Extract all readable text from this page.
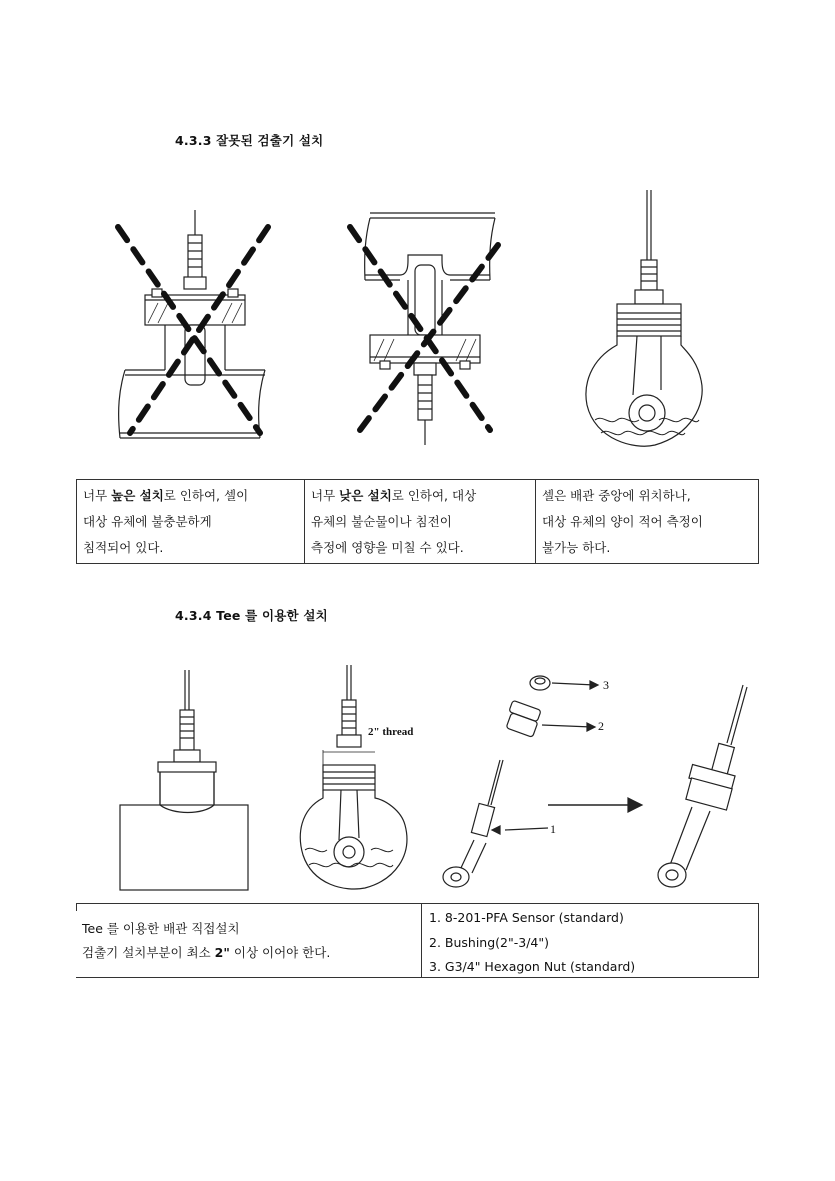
4.3.3 잘못된 검출기 설치
너무 높은 설치로 인하여, 셀이
대상 유체에 불충분하게
침적되어 있다.

너무 낮은 설치로 인하여, 대상
유체의 불순물이나 침전이
측정에 영향을 미칠 수 있다.

셀은 배관 중앙에 위치하나,
대상 유체의 양이 적어 측정이
불가능 하다.
4.3.4 Tee 를 이용한 설치
2" thread
3
2
1
Tee 를 이용한 배관 직접설치
검출기 설치부분이 최소 2" 이상 이어야 한다.
1. 8-201-PFA Sensor (standard)
2. Bushing(2"-3/4")
3. G3/4" Hexagon Nut (standard)
